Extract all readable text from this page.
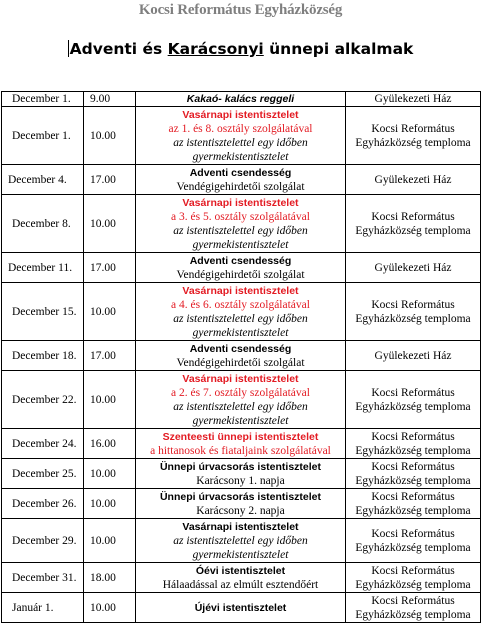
Kocsi Református Egyházközség
Adventi és Karácsonyi ünnepi alkalmak
December 1.	9.00	Kakaó- kalács reggeli	Gyülekezeti Ház

December 1.	10.00	Vasárnapi istentisztelet
az 1. és 8. osztály szolgálatával
az istentisztelettel egy időben
gyermekistentisztelet	Kocsi Református
Egyházközség temploma

December 4.	17.00	Adventi csendesség
Vendégigehirdetői szolgálat	Gyülekezeti Ház

December 8.	10.00	Vasárnapi istentisztelet
a 3. és 5. osztály szolgálatával
az istentisztelettel egy időben
gyermekistentisztelet	Kocsi Református
Egyházközség temploma

December 11.	17.00	Adventi csendesség
Vendégigehirdetői szolgálat	Gyülekezeti Ház

December 15.	10.00	Vasárnapi istentisztelet
a 4. és 6. osztály szolgálatával
az istentisztelettel egy időben
gyermekistentisztelet	Kocsi Református
Egyházközség temploma

December 18.	17.00	Adventi csendesség
Vendégigehirdetői szolgálat	Gyülekezeti Ház

December 22.	10.00	Vasárnapi istentisztelet
a 2. és 7. osztály szolgálatával
az istentisztelettel egy időben
gyermekistentisztelet	Kocsi Református
Egyházközség temploma

December 24.	16.00	Szenteesti ünnepi istentisztelet
a hittanosok és fiataljaink szolgálatával	Kocsi Református
Egyházközség temploma

December 25.	10.00	Ünnepi úrvacsorás istentisztelet
Karácsony 1. napja	Kocsi Református
Egyházközség temploma

December 26.	10.00	Ünnepi úrvacsorás istentisztelet
Karácsony 2. napja	Kocsi Református
Egyházközség temploma

December 29.	10.00	Vasárnapi istentisztelet
az istentisztelettel egy időben
gyermekistentisztelet	Kocsi Református
Egyházközség temploma

December 31.	18.00	Óévi istentisztelet
Hálaadással az elmúlt esztendőért	Kocsi Református
Egyházközség temploma

Január 1.	10.00	Újévi istentisztelet	Kocsi Református
Egyházközség temploma
